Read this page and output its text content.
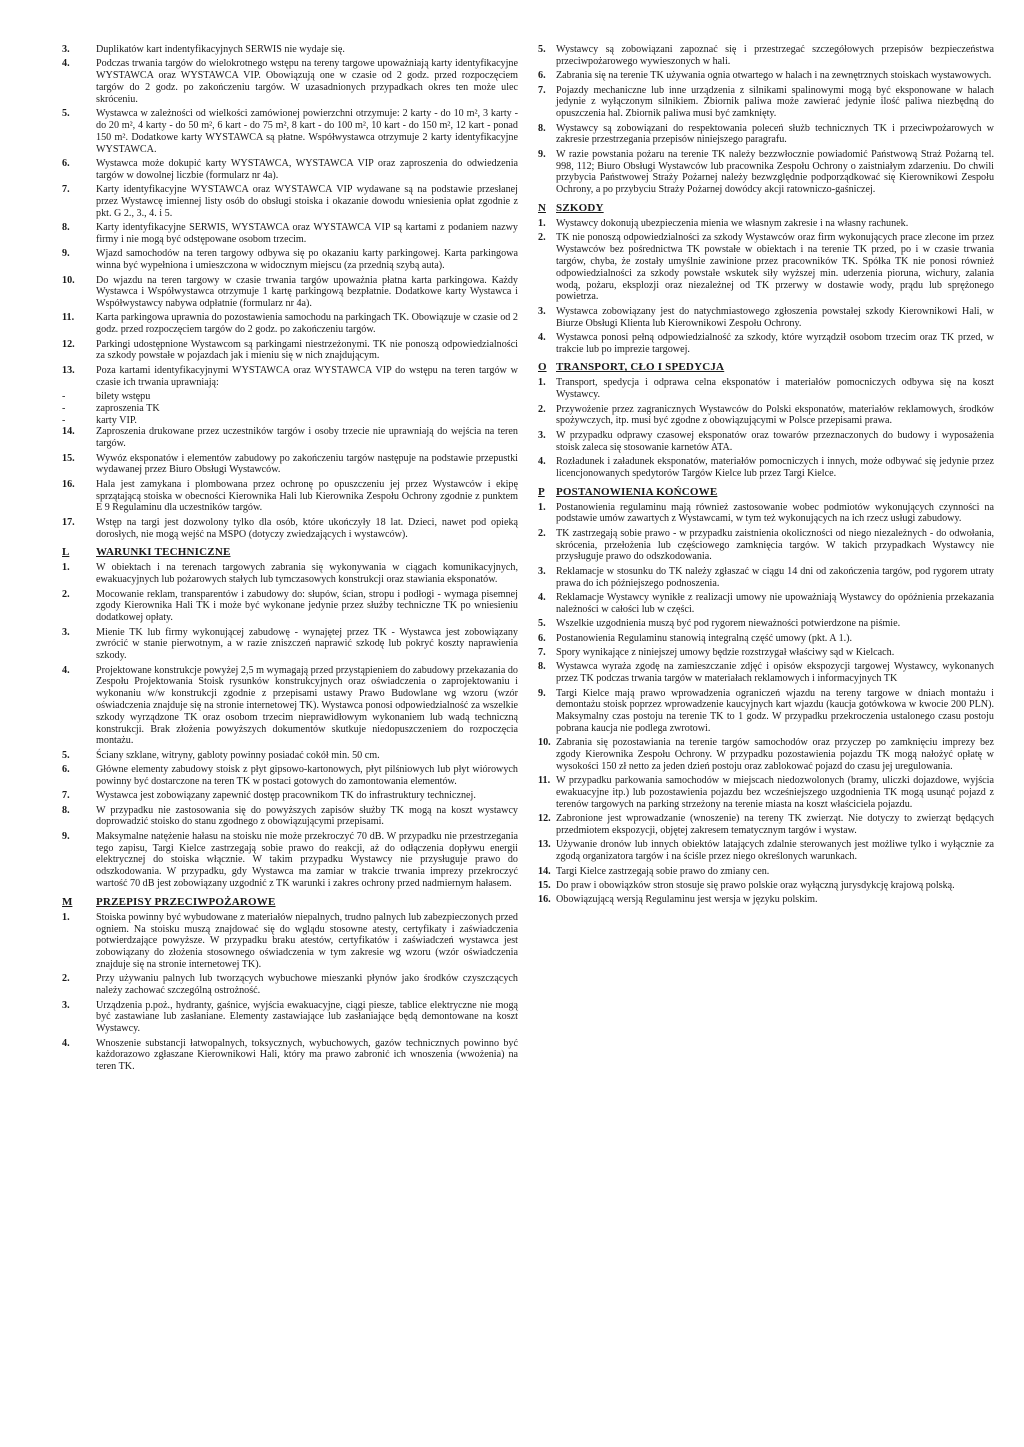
3.	Duplikatów kart indentyfikacyjnych SERWIS nie wydaje się.
4.	Podczas trwania targów do wielokrotnego wstępu na tereny targowe upoważniają karty identyfikacyjne WYSTAWCA oraz WYSTAWCA VIP. Obowiązują one w czasie od 2 godz. przed rozpoczęciem targów do 2 godz. po zakończeniu targów. W uzasadnionych przypadkach okres ten może ulec skróceniu.
5.	Wystawca w zależności od wielkości zamówionej powierzchni otrzymuje: 2 karty - do 10 m², 3 karty - do 20 m², 4 karty - do 50 m², 6 kart - do 75 m², 8 kart - do 100 m², 10 kart - do 150 m², 12 kart - ponad 150 m². Dodatkowe karty WYSTAWCA są płatne. Współwystawca otrzymuje 2 karty identyfikacyjne WYSTAWCA.
6.	Wystawca może dokupić karty WYSTAWCA, WYSTAWCA VIP oraz zaproszenia do odwiedzenia targów w dowolnej liczbie (formularz nr 4a).
7.	Karty identyfikacyjne WYSTAWCA oraz WYSTAWCA VIP wydawane są na podstawie przesłanej przez Wystawcę imiennej listy osób do obsługi stoiska i okazanie dowodu wniesienia opłat zgodnie z pkt. G 2., 3., 4. i 5.
8.	Karty identyfikacyjne SERWIS, WYSTAWCA oraz WYSTAWCA VIP są kartami z podaniem nazwy firmy i nie mogą być odstępowane osobom trzecim.
9.	Wjazd samochodów na teren targowy odbywa się po okazaniu karty parkingowej. Karta parkingowa winna być wypełniona i umieszczona w widocznym miejscu (za przednią szybą auta).
10.	Do wjazdu na teren targowy w czasie trwania targów upoważnia płatna karta parkingowa. Każdy Wystawca i Współwystawca otrzymuje 1 kartę parkingową bezpłatnie. Dodatkowe karty Wystawca i Współwystawcy nabywa odpłatnie (formularz nr 4a).
11.	Karta parkingowa uprawnia do pozostawienia samochodu na parkingach TK. Obowiązuje w czasie od 2 godz. przed rozpoczęciem targów do 2 godz. po zakończeniu targów.
12.	Parkingi udostępnione Wystawcom są parkingami niestrzeżonymi. TK nie ponoszą odpowiedzialności za szkody powstałe w pojazdach jak i mieniu się w nich znajdującym.
13.	Poza kartami identyfikacyjnymi WYSTAWCA oraz WYSTAWCA VIP do wstępu na teren targów w czasie ich trwania uprawniają:
-	bilety wstępu
-	zaproszenia TK
-	karty VIP.
14.	Zaproszenia drukowane przez uczestników targów i osoby trzecie nie uprawniają do wejścia na teren targów.
15.	Wywóz eksponatów i elementów zabudowy po zakończeniu targów następuje na podstawie przepustki wydawanej przez Biuro Obsługi Wystawców.
16.	Hala jest zamykana i plombowana przez ochronę po opuszczeniu jej przez Wystawców i ekipę sprzątającą stoiska w obecności Kierownika Hali lub Kierownika Zespołu Ochrony zgodnie z punktem E 9 Regulaminu dla uczestników targów.
17.	Wstęp na targi jest dozwolony tylko dla osób, które ukończyły 18 lat. Dzieci, nawet pod opieką dorosłych, nie mogą wejść na MSPO (dotyczy zwiedzających i wystawców).
L	WARUNKI TECHNICZNE
1.	W obiektach i na terenach targowych zabrania się wykonywania w ciągach komunikacyjnych, ewakuacyjnych lub pożarowych stałych lub tymczasowych konstrukcji oraz stawiania eksponatów.
2.	Mocowanie reklam, transparentów i zabudowy do: słupów, ścian, stropu i podłogi - wymaga pisemnej zgody Kierownika Hali TK i może być wykonane jedynie przez służby techniczne TK po wniesieniu dodatkowej opłaty.
3.	Mienie TK lub firmy wykonującej zabudowę - wynajętej przez TK - Wystawca jest zobowiązany zwrócić w stanie pierwotnym, a w razie zniszczeń naprawić szkodę lub pokryć koszty naprawienia szkody.
4.	Projektowane konstrukcje powyżej 2,5 m wymagają przed przystąpieniem do zabudowy przekazania do Zespołu Projektowania Stoisk rysunków konstrukcyjnych oraz oświadczenia o zaprojektowaniu i wykonaniu w/w konstrukcji zgodnie z przepisami ustawy Prawo Budowlane wg wzoru (wzór oświadczenia znajduje się na stronie internetowej TK). Wystawca ponosi odpowiedzialność za wszelkie szkody wyrządzone TK oraz osobom trzecim nieprawidłowym wykonaniem lub wadą techniczną konstrukcji. Brak złożenia powyższych dokumentów skutkuje niedopuszczeniem do rozpoczęcia montażu.
5.	Ściany szklane, witryny, gabloty powinny posiadać cokół min. 50 cm.
6.	Główne elementy zabudowy stoisk z płyt gipsowo-kartonowych, płyt pilśniowych lub płyt wiórowych powinny być dostarczone na teren TK w postaci gotowych do zamontowania elementów.
7.	Wystawca jest zobowiązany zapewnić dostęp pracownikom TK do infrastruktury technicznej.
8.	W przypadku nie zastosowania się do powyższych zapisów służby TK mogą na koszt wystawcy doprowadzić stoisko do stanu zgodnego z obowiązującymi przepisami.
9.	Maksymalne natężenie hałasu na stoisku nie może przekroczyć 70 dB. W przypadku nie przestrzegania tego zapisu, Targi Kielce zastrzegają sobie prawo do reakcji, aż do odłączenia dopływu energii elektrycznej do stoiska włącznie. W takim przypadku Wystawcy nie przysługuje prawo do odszkodowania. W przypadku, gdy Wystawca ma zamiar w trakcie trwania imprezy przekroczyć wartość 70 dB jest zobowiązany uzgodnić z TK warunki i zakres ochrony przed nadmiernym hałasem.
M	PRZEPISY PRZECIWPOŻAROWE
1.	Stoiska powinny być wybudowane z materiałów niepalnych, trudno palnych lub zabezpieczonych przed ogniem. Na stoisku muszą znajdować się do wglądu stosowne atesty, certyfikaty i zaświadczenia potwierdzające powyższe. W przypadku braku atestów, certyfikatów i zaświadczeń wystawca jest zobowiązany do złożenia stosownego oświadczenia w tym zakresie wg wzoru (wzór oświadczenia znajduje się na stronie internetowej TK).
2.	Przy używaniu palnych lub tworzących wybuchowe mieszanki płynów jako środków czyszczących należy zachować szczególną ostrożność.
3.	Urządzenia p.poż., hydranty, gaśnice, wyjścia ewakuacyjne, ciągi piesze, tablice elektryczne nie mogą być zastawiane lub zasłaniane. Elementy zastawiające lub zasłaniające będą demontowane na koszt Wystawcy.
4.	Wnoszenie substancji łatwopalnych, toksycznych, wybuchowych, gazów technicznych powinno być każdorazowo zgłaszane Kierownikowi Hali, który ma prawo zabronić ich wnoszenia (wwożenia) na teren TK.
5.	Wystawcy są zobowiązani zapoznać się i przestrzegać szczegółowych przepisów bezpieczeństwa przeciwpożarowego wywieszonych w hali.
6.	Zabrania się na terenie TK używania ognia otwartego w halach i na zewnętrznych stoiskach wystawowych.
7.	Pojazdy mechaniczne lub inne urządzenia z silnikami spalinowymi mogą być eksponowane w halach jedynie z wyłączonym silnikiem. Zbiornik paliwa może zawierać jedynie ilość paliwa niezbędną do opuszczenia hal. Zbiornik paliwa musi być zamknięty.
8.	Wystawcy są zobowiązani do respektowania poleceń służb technicznych TK i przeciwpożarowych w zakresie przestrzegania przepisów niniejszego paragrafu.
9.	W razie powstania pożaru na terenie TK należy bezzwłocznie powiadomić Państwową Straż Pożarną tel. 998, 112; Biuro Obsługi Wystawców lub pracownika Zespołu Ochrony o zaistniałym zdarzeniu. Do chwili przybycia Państwowej Straży Pożarnej należy bezwzględnie podporządkować się Kierownikowi Zespołu Ochrony, a po przybyciu Straży Pożarnej dowódcy akcji ratowniczo-gaśniczej.
N SZKODY
1.	Wystawcy dokonują ubezpieczenia mienia we własnym zakresie i na własny rachunek.
2.	TK nie ponoszą odpowiedzialności za szkody Wystawców oraz firm wykonujących prace zlecone im przez Wystawców bez pośrednictwa TK powstałe w obiektach i na terenie TK przed, po i w czasie trwania targów, chyba, że zostały umyślnie zawinione przez pracowników TK. Spółka TK nie ponosi również odpowiedzialności za szkody powstałe wskutek siły wyższej min. uderzenia pioruna, wichury, zalania wodą, pożaru, eksplozji oraz niezależnej od TK przerwy w dostawie wody, prądu lub sprężonego powietrza.
3.	Wystawca zobowiązany jest do natychmiastowego zgłoszenia powstałej szkody Kierownikowi Hali, w Biurze Obsługi Klienta lub Kierownikowi Zespołu Ochrony.
4.	Wystawca ponosi pełną odpowiedzialność za szkody, które wyrządził osobom trzecim oraz TK przed, w trakcie lub po imprezie targowej.
O TRANSPORT, CŁO I SPEDYCJA
1.	Transport, spedycja i odprawa celna eksponatów i materiałów pomocniczych odbywa się na koszt Wystawcy.
2.	Przywożenie przez zagranicznych Wystawców do Polski eksponatów, materiałów reklamowych, środków spożywczych, itp. musi być zgodne z obowiązującymi w Polsce przepisami prawa.
3.	W przypadku odprawy czasowej eksponatów oraz towarów przeznaczonych do budowy i wyposażenia stoisk zaleca się stosowanie karnetów ATA.
4.	Rozładunek i załadunek eksponatów, materiałów pomocniczych i innych, może odbywać się jedynie przez licencjonowanych spedytorów Targów Kielce lub przez Targi Kielce.
P	POSTANOWIENIA KOŃCOWE
1.	Postanowienia regulaminu mają również zastosowanie wobec podmiotów wykonujących czynności na podstawie umów zawartych z Wystawcami, w tym też wykonujących na ich rzecz usługi zabudowy.
2.	TK zastrzegają sobie prawo - w przypadku zaistnienia okoliczności od niego niezależnych - do odwołania, skrócenia, przełożenia lub częściowego zamknięcia targów. W takich przypadkach Wystawcy nie przysługuje prawo do odszkodowania.
3.	Reklamacje w stosunku do TK należy zgłaszać w ciągu 14 dni od zakończenia targów, pod rygorem utraty prawa do ich późniejszego podnoszenia.
4.	Reklamacje Wystawcy wynikłe z realizacji umowy nie upoważniają Wystawcy do opóźnienia przekazania należności w całości lub w części.
5.	Wszelkie uzgodnienia muszą być pod rygorem nieważności potwierdzone na piśmie.
6.	Postanowienia Regulaminu stanowią integralną część umowy (pkt. A 1.).
7.	Spory wynikające z niniejszej umowy będzie rozstrzygał właściwy sąd w Kielcach.
8.	Wystawca wyraża zgodę na zamieszczanie zdjęć i opisów ekspozycji targowej Wystawcy, wykonanych przez TK podczas trwania targów w materiałach reklamowych i informacyjnych TK
9.	Targi Kielce mają prawo wprowadzenia ograniczeń wjazdu na tereny targowe w dniach montażu i demontażu stoisk poprzez wprowadzenie kaucyjnych kart wjazdu (kaucja gotówkowa w kwocie 200 PLN). Maksymalny czas postoju na terenie TK to 1 godz. W przypadku przekroczenia ustalonego czasu postoju pobrana kaucja nie podlega zwrotowi.
10. Zabrania się pozostawiania na terenie targów samochodów oraz przyczep po zamknięciu imprezy bez zgody Kierownika Zespołu Ochrony. W przypadku pozostawienia pojazdu TK mogą nałożyć opłatę w wysokości 150 zł netto za jeden dzień postoju oraz zablokować pojazd do czasu jej uregulowania.
11. W przypadku parkowania samochodów w miejscach niedozwolonych (bramy, uliczki dojazdowe, wyjścia ewakuacyjne itp.) lub pozostawienia pojazdu bez wcześniejszego uzgodnienia TK mogą usunąć pojazd z terenów targowych na parking strzeżony na terenie miasta na koszt właściciela pojazdu.
12. Zabronione jest wprowadzanie (wnoszenie) na tereny TK zwierząt. Nie dotyczy to zwierząt będących przedmiotem ekspozycji, objętej zakresem tematycznym targów i wystaw.
13. Używanie dronów lub innych obiektów latających zdalnie sterowanych jest możliwe tylko i wyłącznie za zgodą organizatora targów i na ściśle przez niego określonych warunkach.
14. Targi Kielce zastrzegają sobie prawo do zmiany cen.
15. Do praw i obowiązków stron stosuje się prawo polskie oraz wyłączną jurysdykcję krajową polską.
16. Obowiązującą wersją Regulaminu jest wersja w języku polskim.
